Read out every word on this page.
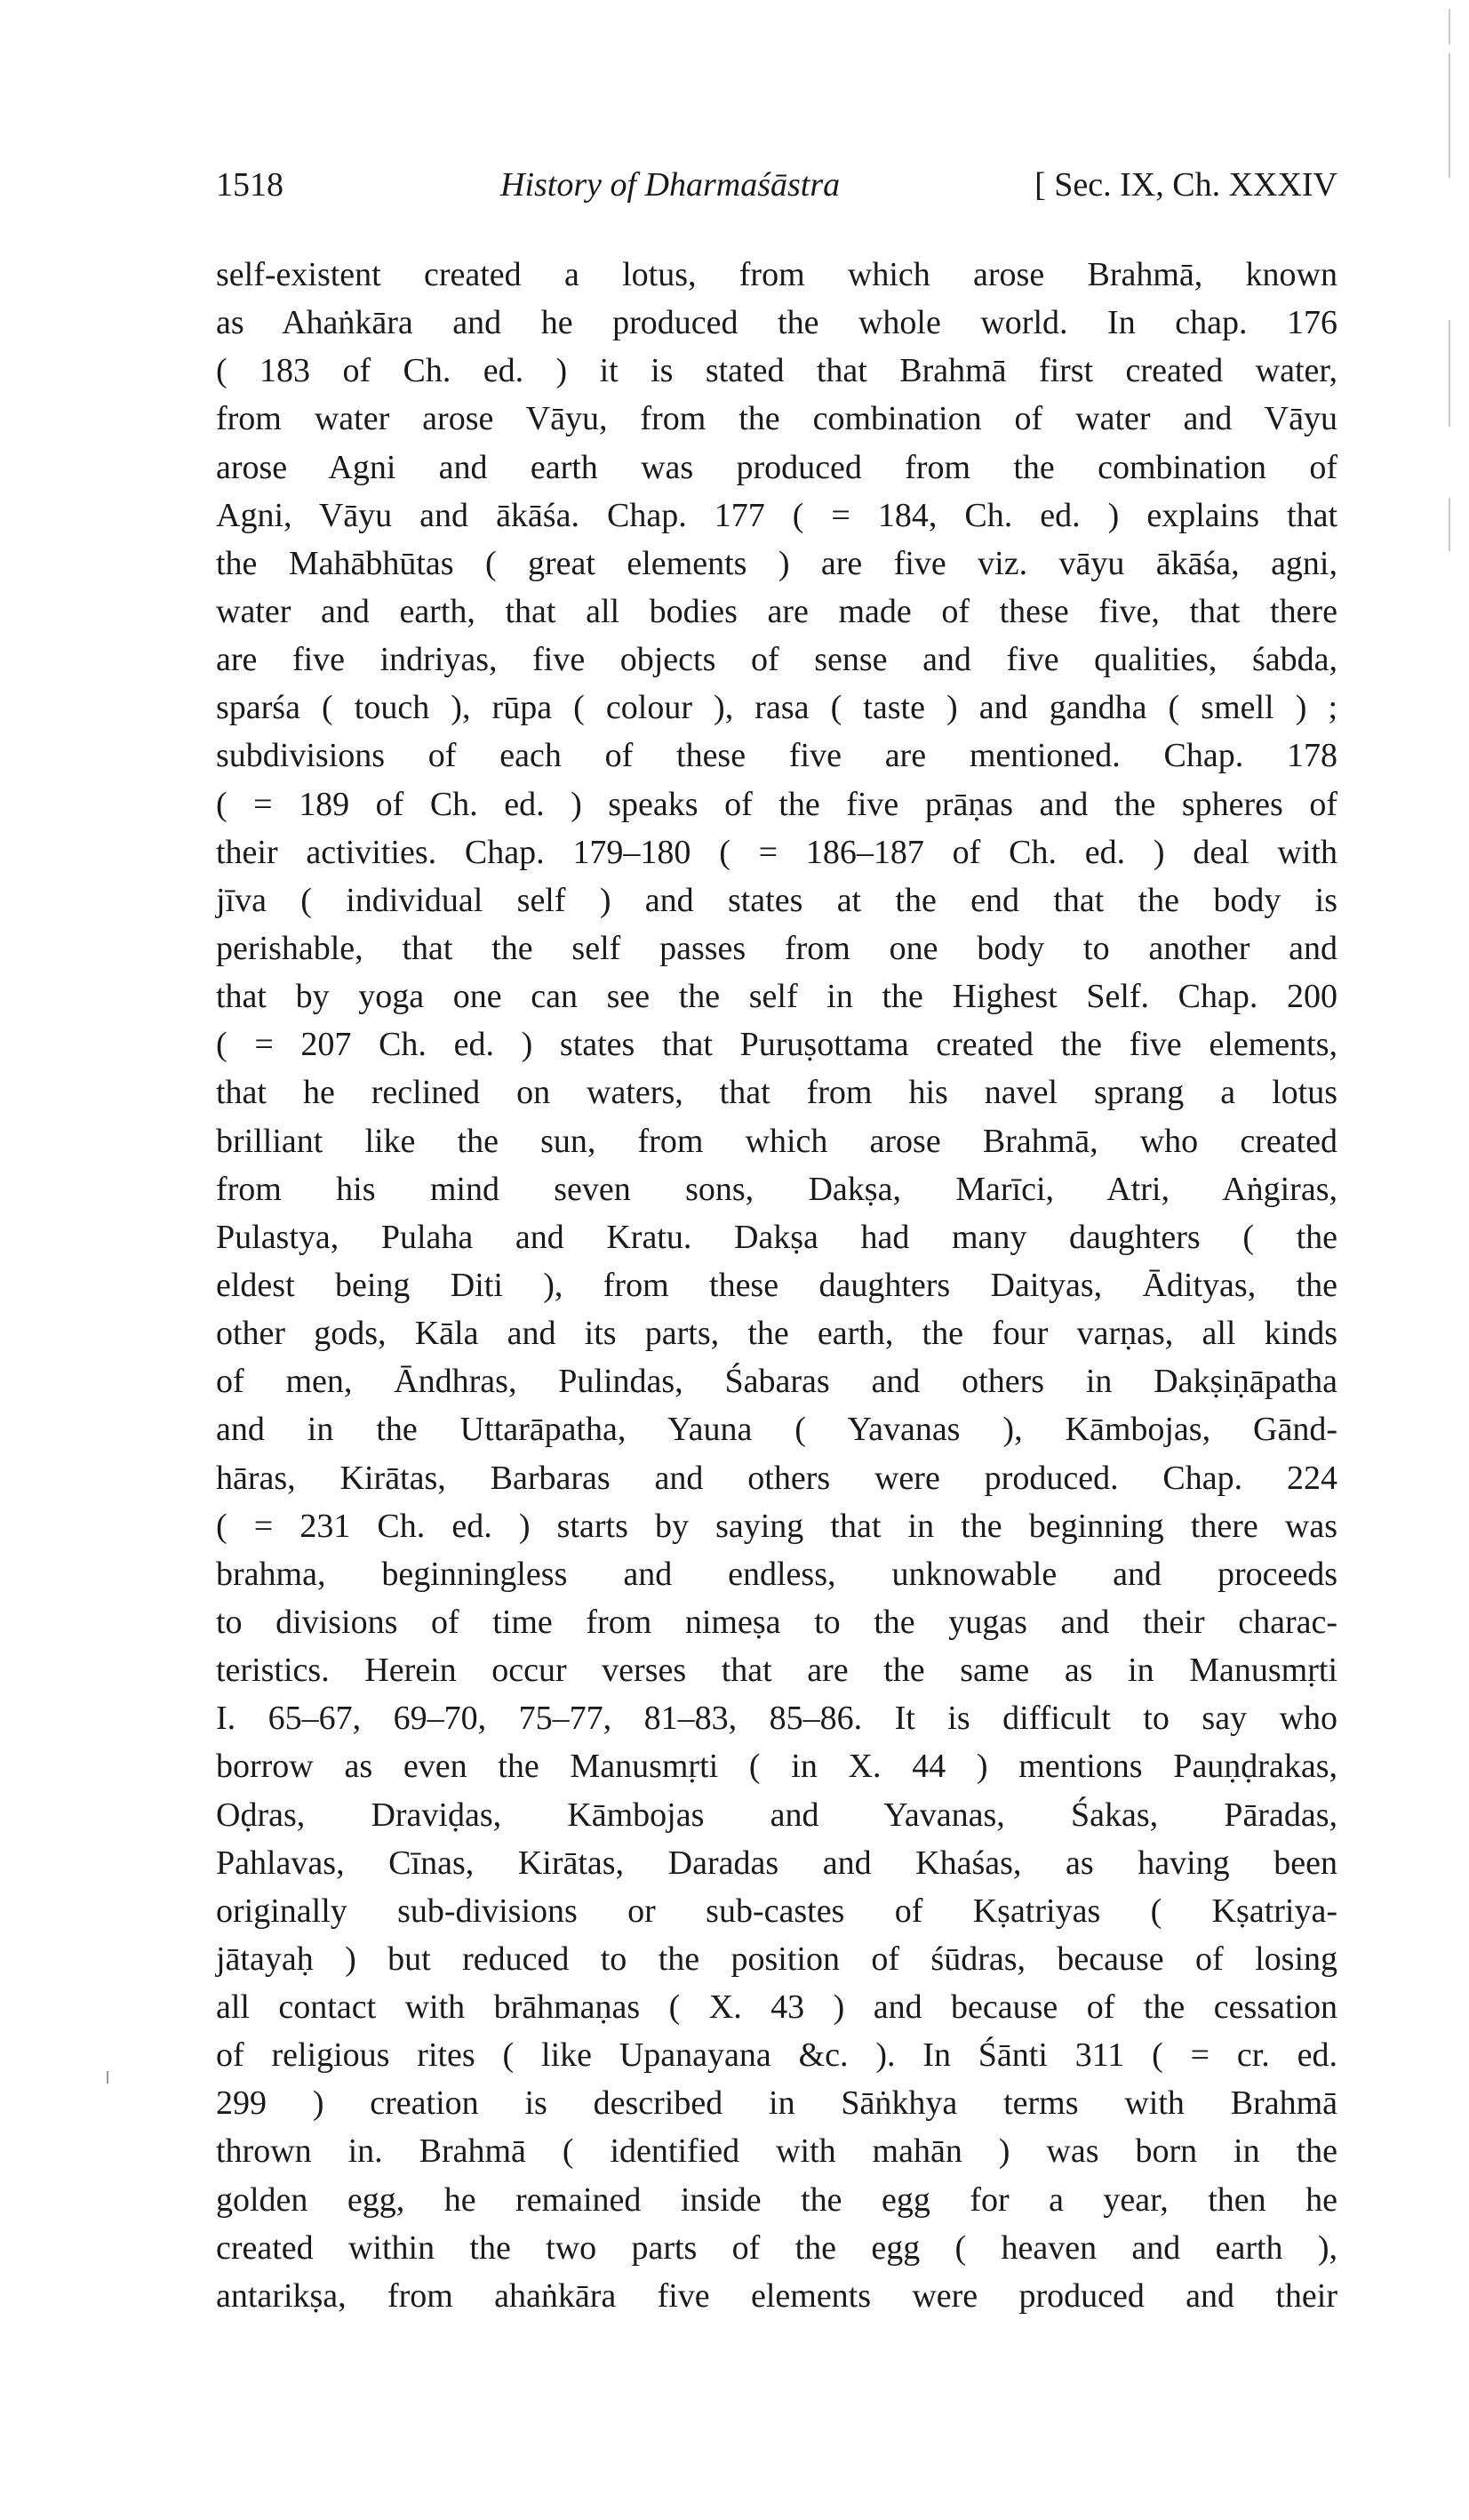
1518	History of Dharmaśāstra	[ Sec. IX, Ch. XXXIV
self-existent created a lotus, from which arose Brahmā, known
as Ahaṅkāra and he produced the whole world. In chap. 176
( 183 of Ch. ed. ) it is stated that Brahmā first created water,
from water arose Vāyu, from the combination of water and Vāyu
arose Agni and earth was produced from the combination of
Agni, Vāyu and ākāśa. Chap. 177 ( = 184, Ch. ed. ) explains that
the Mahābhūtas ( great elements ) are five viz. vāyu ākāśa, agni,
water and earth, that all bodies are made of these five, that there
are five indriyas, five objects of sense and five qualities, śabda,
sparśa ( touch ), rūpa ( colour ), rasa ( taste ) and gandha ( smell ) ;
subdivisions of each of these five are mentioned. Chap. 178
( = 189 of Ch. ed. ) speaks of the five prāṇas and the spheres of
their activities. Chap. 179–180 ( = 186–187 of Ch. ed. ) deal with
jīva ( individual self ) and states at the end that the body is
perishable, that the self passes from one body to another and
that by yoga one can see the self in the Highest Self. Chap. 200
( = 207 Ch. ed. ) states that Puruṣottama created the five elements,
that he reclined on waters, that from his navel sprang a lotus
brilliant like the sun, from which arose Brahmā, who created
from his mind seven sons, Dakṣa, Marīci, Atri, Aṅgiras,
Pulastya, Pulaha and Kratu. Dakṣa had many daughters ( the
eldest being Diti ), from these daughters Daityas, Ādityas, the
other gods, Kāla and its parts, the earth, the four varṇas, all kinds
of men, Āndhras, Pulindas, Śabaras and others in Dakṣiṇāpatha
and in the Uttarāpatha, Yauna ( Yavanas ), Kāmbojas, Gānd-
hāras, Kirātas, Barbaras and others were produced. Chap. 224
( = 231 Ch. ed. ) starts by saying that in the beginning there was
brahma, beginningless and endless, unknowable and proceeds
to divisions of time from nimeṣa to the yugas and their charac-
teristics. Herein occur verses that are the same as in Manusmṛti
I. 65–67, 69–70, 75–77, 81–83, 85–86. It is difficult to say who
borrow as even the Manusmṛti ( in X. 44 ) mentions Pauṇḍrakas,
Oḍras, Draviḍas, Kāmbojas and Yavanas, Śakas, Pāradas,
Pahlavas, Cīnas, Kirātas, Daradas and Khaśas, as having been
originally sub-divisions or sub-castes of Kṣatriyas ( Kṣatriya-
jātayaḥ ) but reduced to the position of śūdras, because of losing
all contact with brāhmaṇas ( X. 43 ) and because of the cessation
of religious rites ( like Upanayana &c. ). In Śānti 311 ( = cr. ed.
299 ) creation is described in Sāṅkhya terms with Brahmā
thrown in. Brahmā ( identified with mahān ) was born in the
golden egg, he remained inside the egg for a year, then he
created within the two parts of the egg ( heaven and earth ),
antarikṣa, from ahaṅkāra five elements were produced and their
